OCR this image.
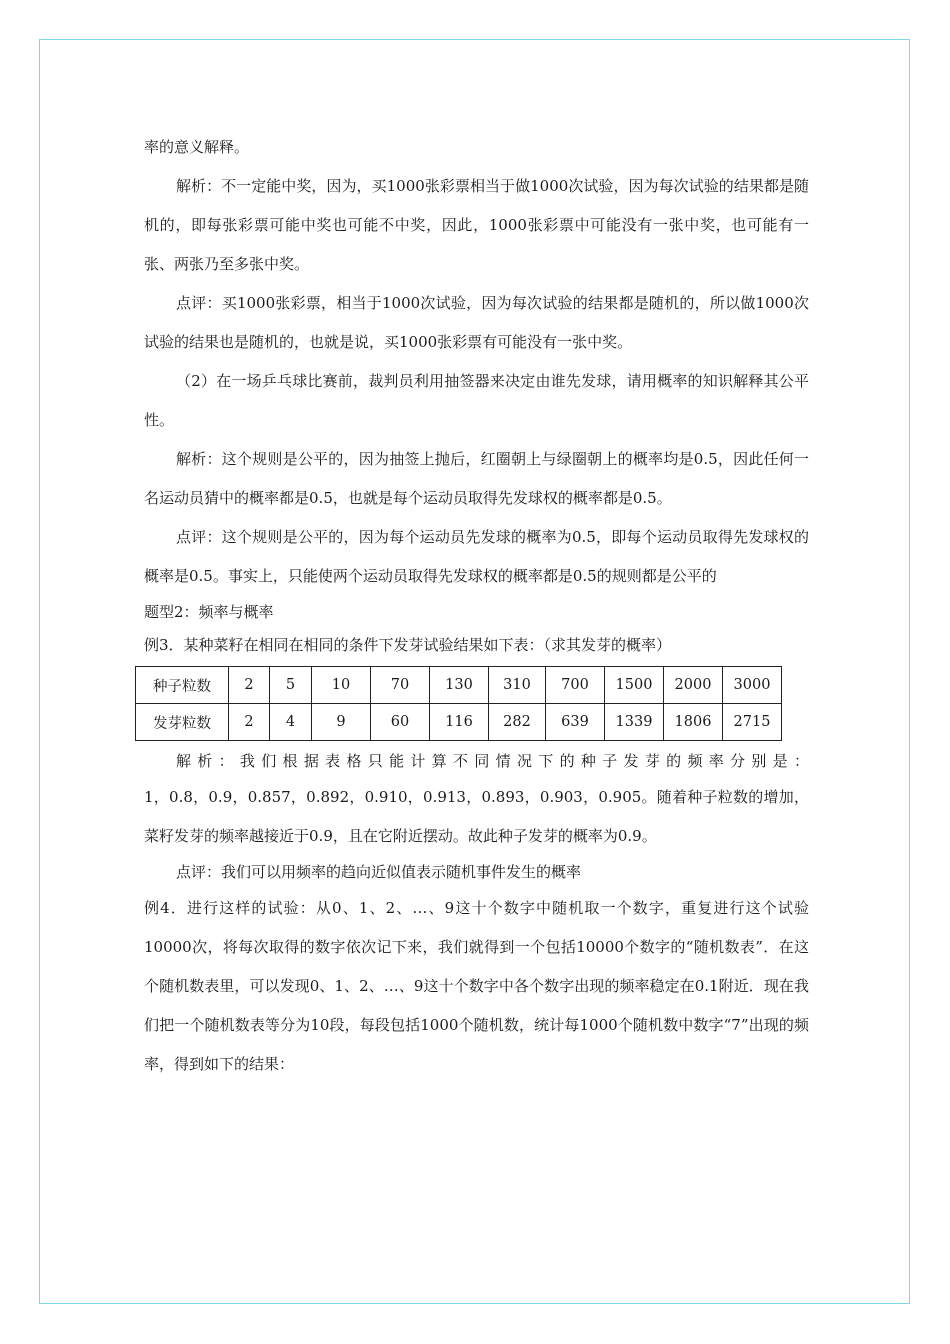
率的意义解释。

解析：不一定能中奖，因为，买1000张彩票相当于做1000次试验，因为每次试验的结果都是随机的，即每张彩票可能中奖也可能不中奖，因此，1000张彩票中可能没有一张中奖，也可能有一张、两张乃至多张中奖。

点评：买1000张彩票，相当于1000次试验，因为每次试验的结果都是随机的，所以做1000次试验的结果也是随机的，也就是说，买1000张彩票有可能没有一张中奖。

（2）在一场乒乓球比赛前，裁判员利用抽签器来决定由谁先发球，请用概率的知识解释其公平性。

解析：这个规则是公平的，因为抽签上抛后，红圈朝上与绿圈朝上的概率均是0.5，因此任何一名运动员猜中的概率都是0.5，也就是每个运动员取得先发球权的概率都是0.5。

点评：这个规则是公平的，因为每个运动员先发球的概率为0.5，即每个运动员取得先发球权的概率是0.5。事实上，只能使两个运动员取得先发球权的概率都是0.5的规则都是公平的

题型2：频率与概率

例3．某种菜籽在相同在相同的条件下发芽试验结果如下表：（求其发芽的概率）

种子粒数	2	5	10	70	130	310	700	1500	2000	3000
发芽粒数	2	4	9	60	116	282	639	1339	1806	2715

解析：我们根据表格只能计算不同情况下的种子发芽的频率分别是：

1，0.8，0.9，0.857，0.892，0.910，0.913，0.893，0.903，0.905。随着种子粒数的增加，菜籽发芽的频率越接近于0.9，且在它附近摆动。故此种子发芽的概率为0.9。

点评：我们可以用频率的趋向近似值表示随机事件发生的概率

例4．进行这样的试验：从0、1、2、…、9这十个数字中随机取一个数字，重复进行这个试验10000次，将每次取得的数字依次记下来，我们就得到一个包括10000个数字的“随机数表”．在这个随机数表里，可以发现0、1、2、…、9这十个数字中各个数字出现的频率稳定在0.1附近．现在我们把一个随机数表等分为10段，每段包括1000个随机数，统计每1000个随机数中数字“7”出现的频率，得到如下的结果：
